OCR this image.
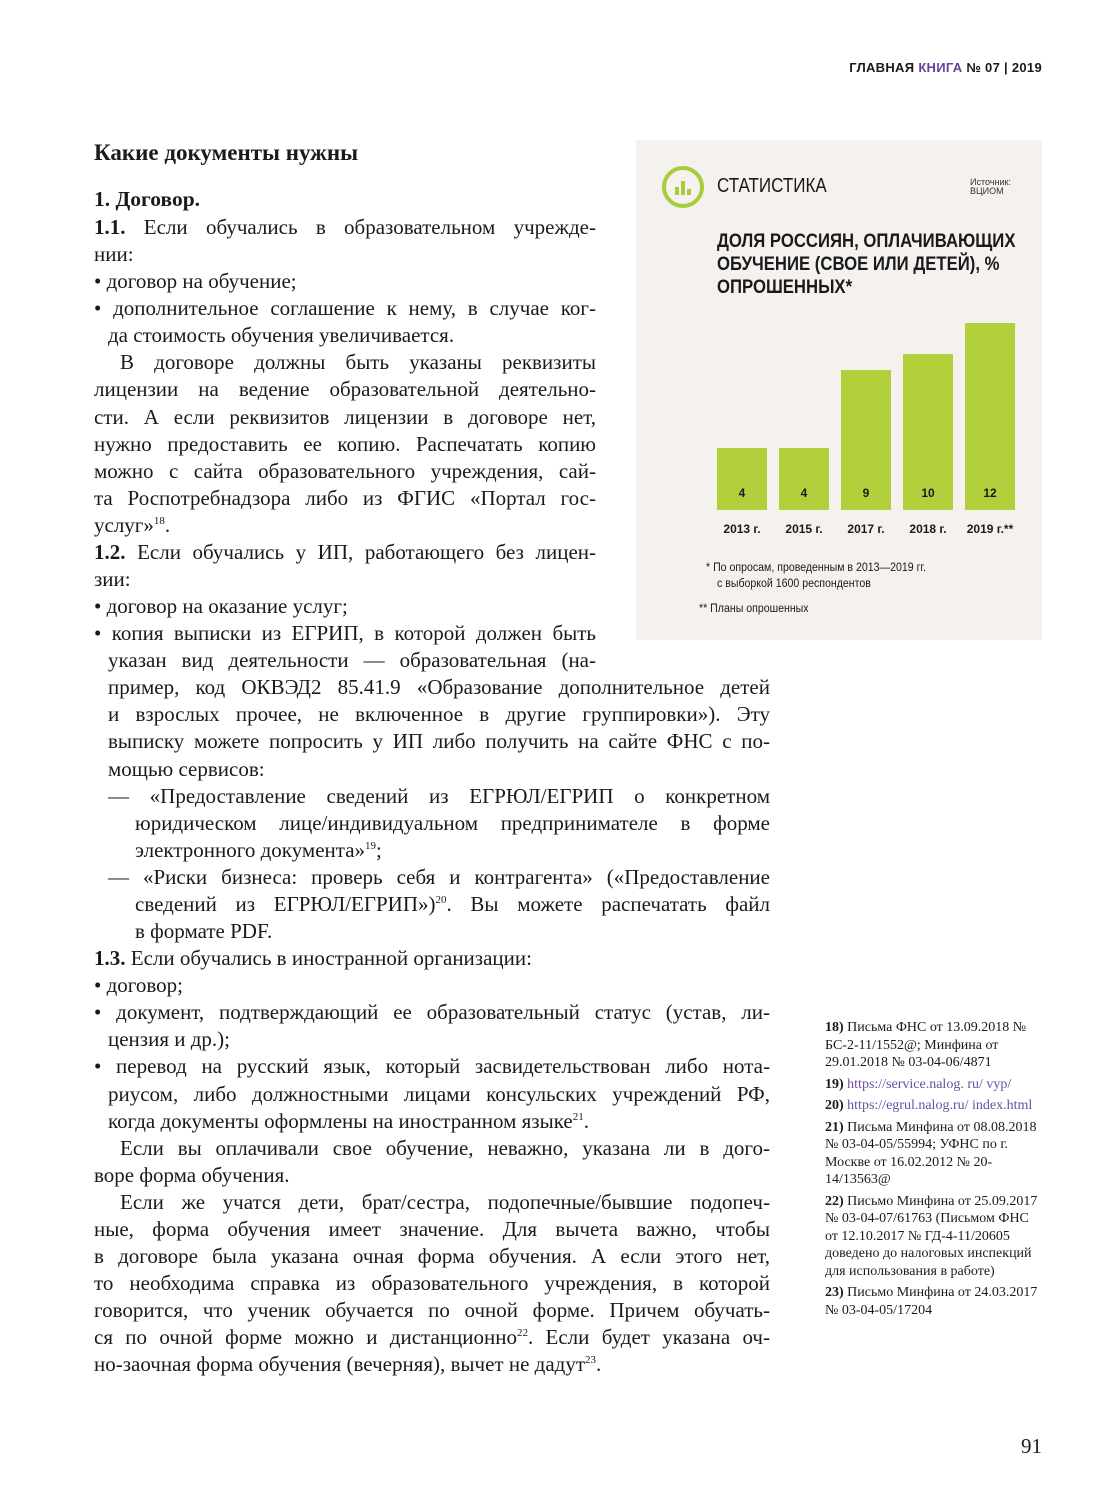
ГЛАВНАЯ КНИГА № 07 | 2019
Какие документы нужны
1. Договор.
1.1. Если обучались в образовательном учрежде-
нии:
• договор на обучение;
• дополнительное соглашение к нему, в случае ког-
да стоимость обучения увеличивается.
В договоре должны быть указаны реквизиты
лицензии на ведение образовательной деятельно-
сти. А если реквизитов лицензии в договоре нет,
нужно предоставить ее копию. Распечатать копию
можно с сайта образовательного учреждения, сай-
та Роспотребнадзора либо из ФГИС «Портал гос-
услуг»$^{18}$.
1.2. Если обучались у ИП, работающего без лицен-
зии:
• договор на оказание услуг;
• копия выписки из ЕГРИП, в которой должен быть
указан вид деятельности — образовательная (на-
пример, код ОКВЭД2 85.41.9 «Образование дополнительное детей
и взрослых прочее, не включенное в другие группировки»). Эту
выписку можете попросить у ИП либо получить на сайте ФНС с по-
мощью сервисов:
— «Предоставление сведений из ЕГРЮЛ/ЕГРИП о конкретном
юридическом лице/индивидуальном предпринимателе в форме
электронного документа»$^{19}$;
— «Риски бизнеса: проверь себя и контрагента» («Предоставление
сведений из ЕГРЮЛ/ЕГРИП»)$^{20}$. Вы можете распечатать файл
в формате PDF.
1.3. Если обучались в иностранной организации:
• договор;
• документ, подтверждающий ее образовательный статус (устав, ли-
цензия и др.);
• перевод на русский язык, который засвидетельствован либо нота-
риусом, либо должностными лицами консульских учреждений РФ,
когда документы оформлены на иностранном языке$^{21}$.
Если вы оплачивали свое обучение, неважно, указана ли в дого-
воре форма обучения.
Если же учатся дети, брат/сестра, подопечные/бывшие подопеч-
ные, форма обучения имеет значение. Для вычета важно, чтобы
в договоре была указана очная форма обучения. А если этого нет,
то необходима справка из образовательного учреждения, в которой
говорится, что ученик обучается по очной форме. Причем обучать-
ся по очной форме можно и дистанционно$^{22}$. Если будет указана оч-
но-заочная форма обучения (вечерняя), вычет не дадут$^{23}$.
СТАТИСТИКА	Источник:
ВЦИОМ
ДОЛЯ РОССИЯН, ОПЛАЧИВАЮЩИХ ОБУЧЕНИЕ (СВОЕ ИЛИ ДЕТЕЙ), % ОПРОШЕННЫХ*
4
2013 г.
4
2015 г.
9
2017 г.
10
2018 г.
12
2019 г.**
* По опросам, проведенным в 2013—2019 гг.
с выборкой 1600 респондентов
** Планы опрошенных
18) Письма ФНС от 13.09.2018 № БС-2-11/1552@; Минфина от 29.01.2018 № 03-04-06/4871
19) https://service.nalog. ru/ vyp/
20) https://egrul.nalog.ru/ index.html
21) Письма Минфина от 08.08.2018 № 03-04-05/55994; УФНС по г. Москве от 16.02.2012 № 20-14/13563@
22) Письмо Минфина от 25.09.2017 № 03-04-07/61763 (Письмом ФНС от 12.10.2017 № ГД-4-11/20605 доведено до налоговых инспекций для использования в работе)
23) Письмо Минфина от 24.03.2017 № 03-04-05/17204
91
